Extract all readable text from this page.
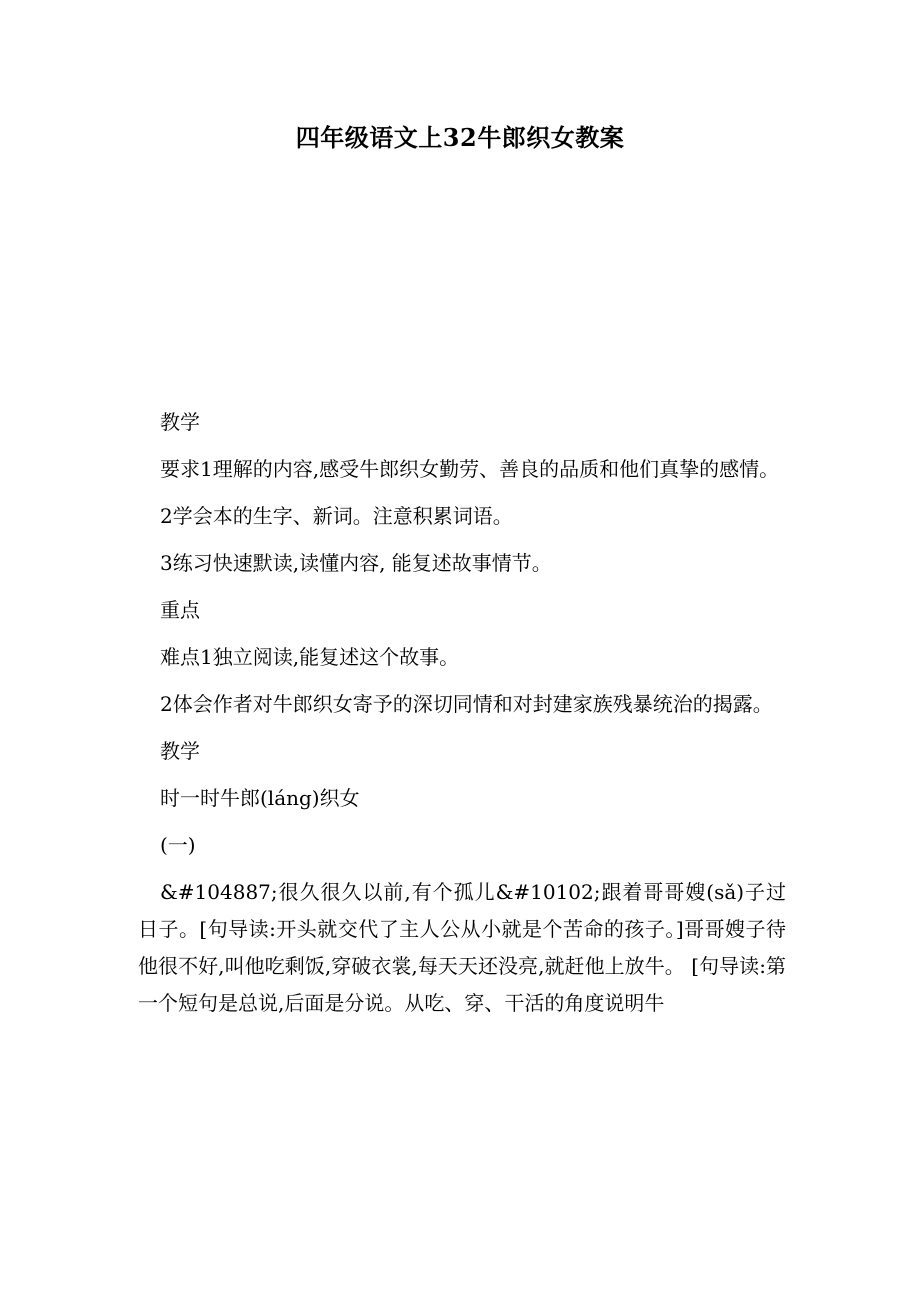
四年级语文上32牛郎织女教案

教学

要求1理解的内容,感受牛郎织女勤劳、善良的品质和他们真挚的感情。

2学会本的生字、新词。注意积累词语。

3练习快速默读,读懂内容, 能复述故事情节。

重点

难点1独立阅读,能复述这个故事。

2体会作者对牛郎织女寄予的深切同情和对封建家族残暴统治的揭露。

教学

时一时牛郎(láng)织女

(一)

&#104887;很久很久以前,有个孤儿&#10102;跟着哥哥嫂(sǎ)子过日子。[句导读:开头就交代了主人公从小就是个苦命的孩子。]哥哥嫂子待他很不好,叫他吃剩饭,穿破衣裳,每天天还没亮,就赶他上放牛。 [句导读:第一个短句是总说,后面是分说。从吃、穿、干活的角度说明牛
